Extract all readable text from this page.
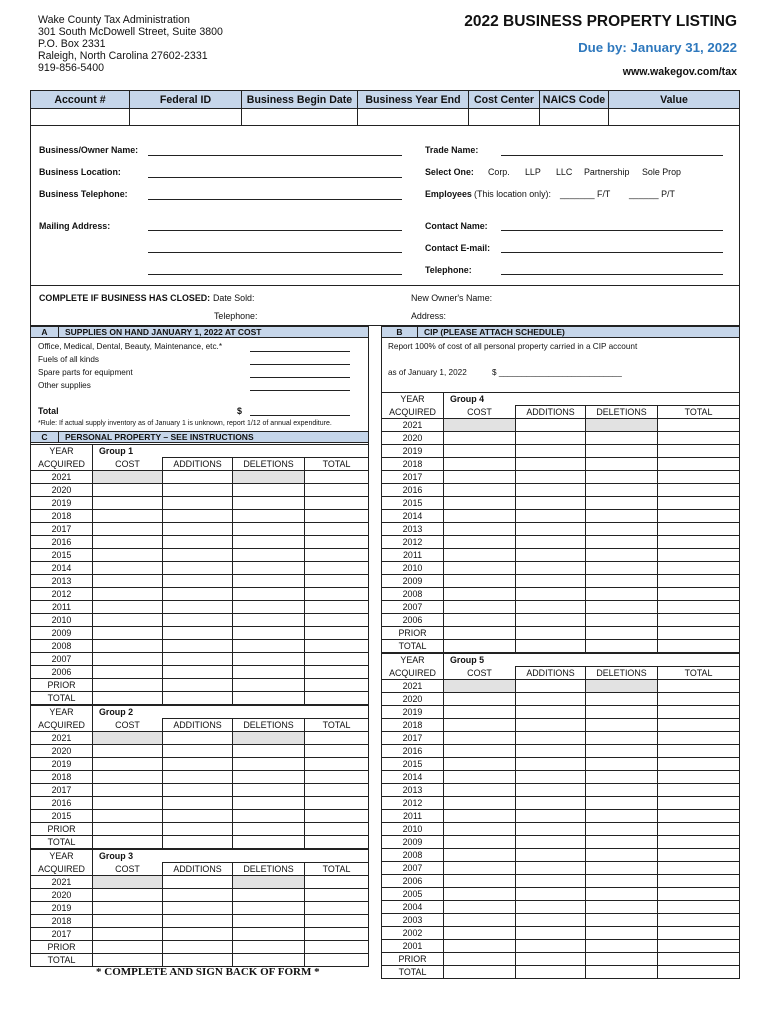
Wake County Tax Administration
301 South McDowell Street, Suite 3800
P.O. Box 2331
Raleigh, North Carolina 27602-2331
919-856-5400
2022 BUSINESS PROPERTY LISTING
Due by: January 31, 2022
www.wakegov.com/tax
Account #	Federal ID	Business Begin Date	Business Year End	Cost Center	NAICS Code	Value

Business/Owner Name:
Business Location:
Business Telephone:
Mailing Address:
Trade Name:
Select One: Corp. LLP LLC Partnership Sole Prop
Employees (This location only): _______ F/T ______ P/T
Contact Name:
Contact E-mail:
Telephone:
COMPLETE IF BUSINESS HAS CLOSED: Date Sold:
Telephone:
New Owner's Name:
Address:
A	SUPPLIES ON HAND JANUARY 1, 2022 AT COST
Office, Medical, Dental, Beauty, Maintenance, etc.*
Fuels of all kinds
Spare parts for equipment
Other supplies
Total	$
*Rule: If actual supply inventory as of January 1 is unknown, report 1/12 of annual expenditure.
C	PERSONAL PROPERTY – SEE INSTRUCTIONS
B	CIP (PLEASE ATTACH SCHEDULE)
Report 100% of cost of all personal property carried in a CIP account
as of January 1, 2022	$ ___________________________
YEAR	Group 1			
ACQUIRED	COST	ADDITIONS	DELETIONS	TOTAL
2021				
2020				
2019				
2018				
2017				
2016				
2015				
2014				
2013				
2012				
2011				
2010				
2009				
2008				
2007				
2006				
PRIOR				
TOTAL				
YEAR	Group 2			
ACQUIRED	COST	ADDITIONS	DELETIONS	TOTAL
2021				
2020				
2019				
2018				
2017				
2016				
2015				
PRIOR				
TOTAL				
YEAR	Group 3			
ACQUIRED	COST	ADDITIONS	DELETIONS	TOTAL
2021				
2020				
2019				
2018				
2017				
PRIOR				
TOTAL				
YEAR	Group 4			
ACQUIRED	COST	ADDITIONS	DELETIONS	TOTAL
2021				
2020				
2019				
2018				
2017				
2016				
2015				
2014				
2013				
2012				
2011				
2010				
2009				
2008				
2007				
2006				
PRIOR				
TOTAL				
YEAR	Group 5			
ACQUIRED	COST	ADDITIONS	DELETIONS	TOTAL
2021				
2020				
2019				
2018				
2017				
2016				
2015				
2014				
2013				
2012				
2011				
2010				
2009				
2008				
2007				
2006				
2005				
2004				
2003				
2002				
2001				
PRIOR				
TOTAL				
* COMPLETE AND SIGN BACK OF FORM *
